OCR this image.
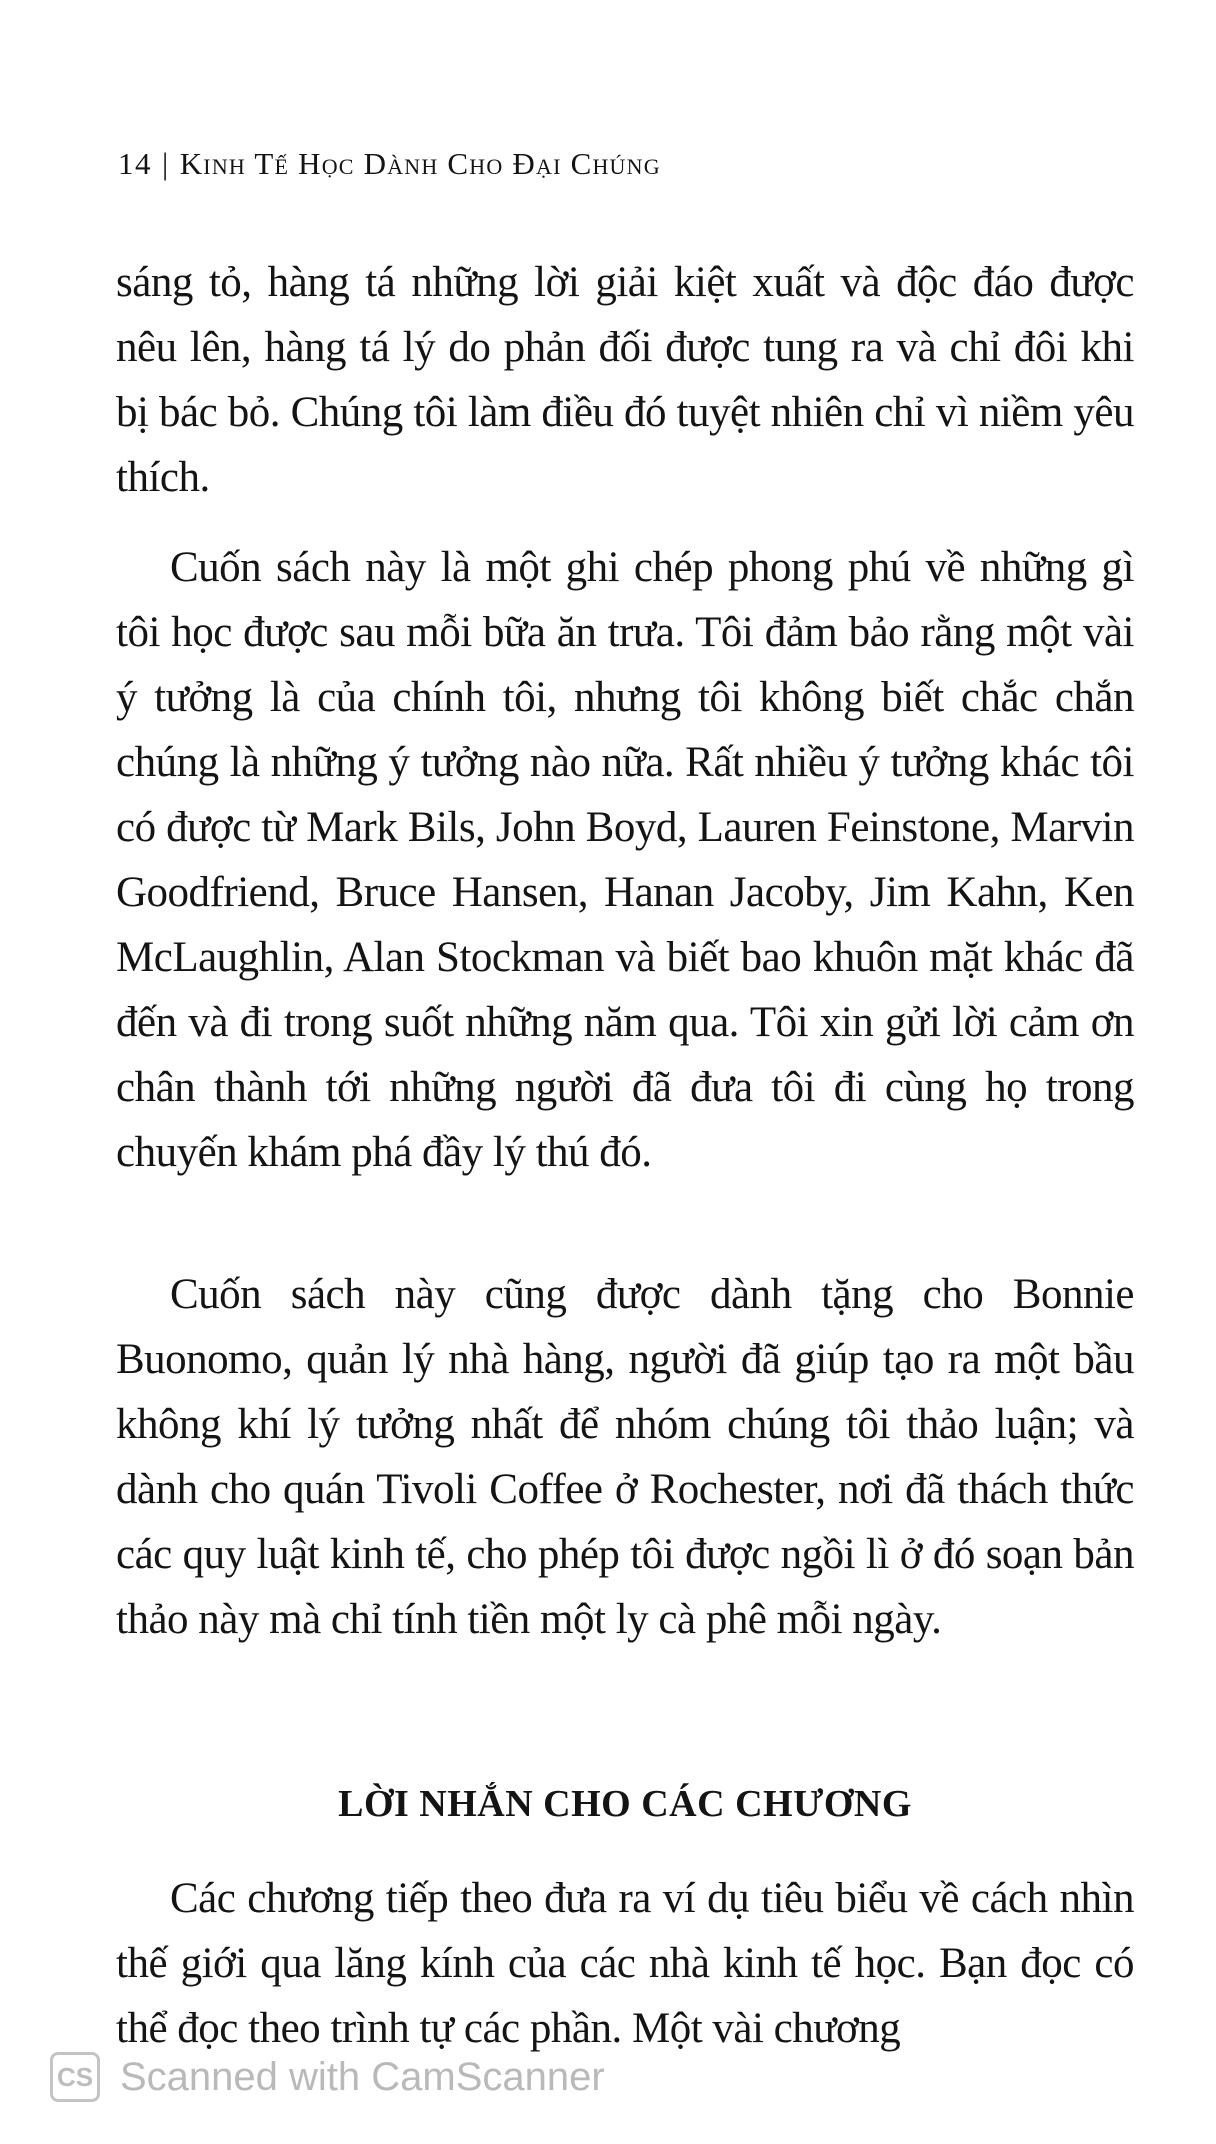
14 | Kinh Tế Học Dành Cho Đại Chúng

sáng tỏ, hàng tá những lời giải kiệt xuất và độc đáo được nêu lên, hàng tá lý do phản đối được tung ra và chỉ đôi khi bị bác bỏ. Chúng tôi làm điều đó tuyệt nhiên chỉ vì niềm yêu thích.

Cuốn sách này là một ghi chép phong phú về những gì tôi học được sau mỗi bữa ăn trưa. Tôi đảm bảo rằng một vài ý tưởng là của chính tôi, nhưng tôi không biết chắc chắn chúng là những ý tưởng nào nữa. Rất nhiều ý tưởng khác tôi có được từ Mark Bils, John Boyd, Lauren Feinstone, Marvin Goodfriend, Bruce Hansen, Hanan Jacoby, Jim Kahn, Ken McLaughlin, Alan Stockman và biết bao khuôn mặt khác đã đến và đi trong suốt những năm qua. Tôi xin gửi lời cảm ơn chân thành tới những người đã đưa tôi đi cùng họ trong chuyến khám phá đầy lý thú đó.

Cuốn sách này cũng được dành tặng cho Bonnie Buonomo, quản lý nhà hàng, người đã giúp tạo ra một bầu không khí lý tưởng nhất để nhóm chúng tôi thảo luận; và dành cho quán Tivoli Coffee ở Rochester, nơi đã thách thức các quy luật kinh tế, cho phép tôi được ngồi lì ở đó soạn bản thảo này mà chỉ tính tiền một ly cà phê mỗi ngày.

LỜI NHẮN CHO CÁC CHƯƠNG

Các chương tiếp theo đưa ra ví dụ tiêu biểu về cách nhìn thế giới qua lăng kính của các nhà kinh tế học. Bạn đọc có thể đọc theo trình tự các phần. Một vài chương

CS Scanned with CamScanner
